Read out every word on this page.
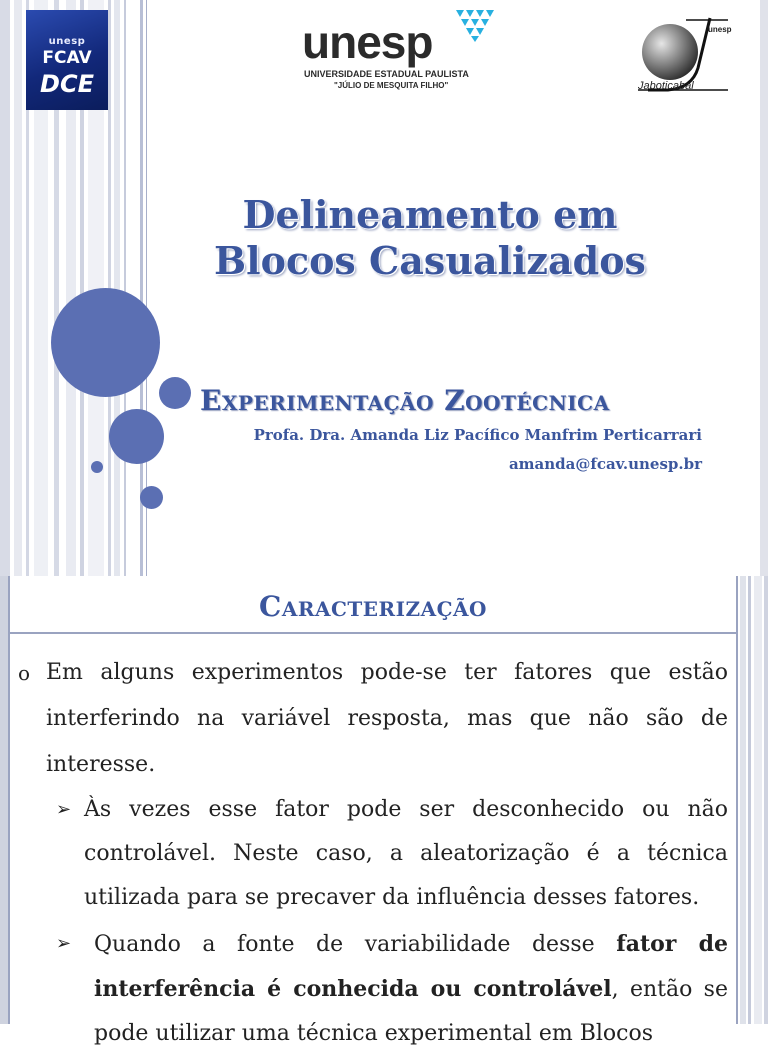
unesp
FCAV
DCE
unesp
UNIVERSIDADE ESTADUAL PAULISTA
"JÚLIO DE MESQUITA FILHO"
unesp
Jaboticabal
Delineamento em
Blocos Casualizados
Experimentação Zootécnica
Profa. Dra. Amanda Liz Pacífico Manfrim Perticarrari
amanda@fcav.unesp.br
Caracterização
o Em alguns experimentos pode-se ter fatores que estão interferindo na variável resposta, mas que não são de interesse.
➢ Às vezes esse fator pode ser desconhecido ou não controlável. Neste caso, a aleatorização é a técnica utilizada para se precaver da influência desses fatores.
➢ Quando a fonte de variabilidade desse fator de interferência é conhecida ou controlável, então se pode utilizar uma técnica experimental em Blocos
